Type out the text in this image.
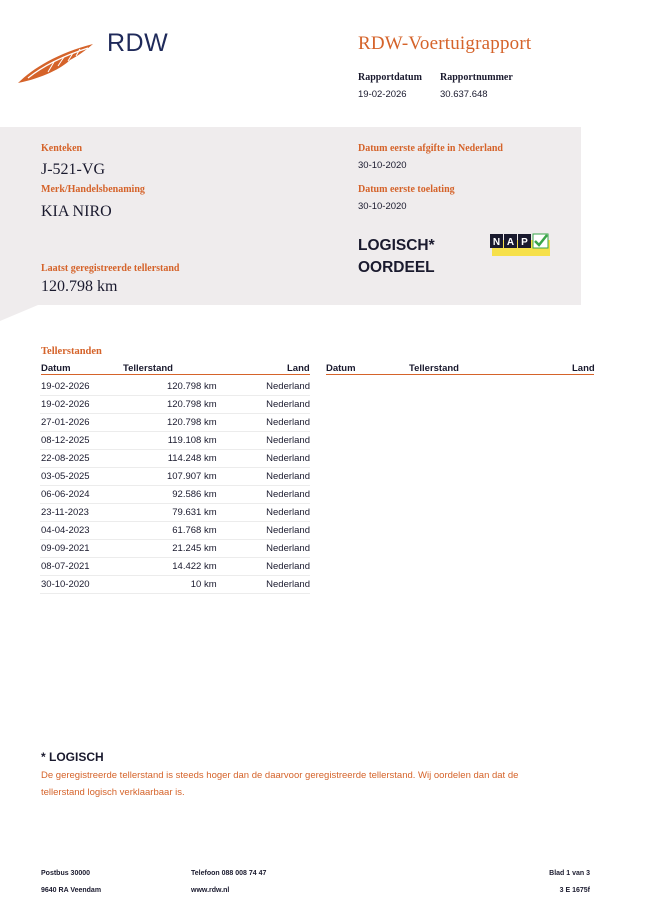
RDW	RDW-Voertuigrapport
Rapportdatum
19-02-2026
Rapportnummer
30.637.648
Kenteken
J-521-VG
Merk/Handelsbenaming
KIA NIRO
Laatst geregistreerde tellerstand
120.798 km
Datum eerste afgifte in Nederland
30-10-2020
Datum eerste toelating
30-10-2020
LOGISCH*
OORDEEL
N A P
Tellerstanden
Datum	Tellerstand	Land Datum	Tellerstand	Land
19-02-2026	120.798 km	Nederland
19-02-2026	120.798 km	Nederland
27-01-2026	120.798 km	Nederland
08-12-2025	119.108 km	Nederland
22-08-2025	114.248 km	Nederland
03-05-2025	107.907 km	Nederland
06-06-2024	92.586 km	Nederland
23-11-2023	79.631 km	Nederland
04-04-2023	61.768 km	Nederland
09-09-2021	21.245 km	Nederland
08-07-2021	14.422 km	Nederland
30-10-2020	10 km	Nederland
* LOGISCH
De geregistreerde tellerstand is steeds hoger dan de daarvoor geregistreerde tellerstand. Wij oordelen dan dat de tellerstand logisch verklaarbaar is.
Postbus 30000
9640 RA Veendam
Telefoon 088 008 74 47
www.rdw.nl
Blad 1 van 3
3 E 1675f
